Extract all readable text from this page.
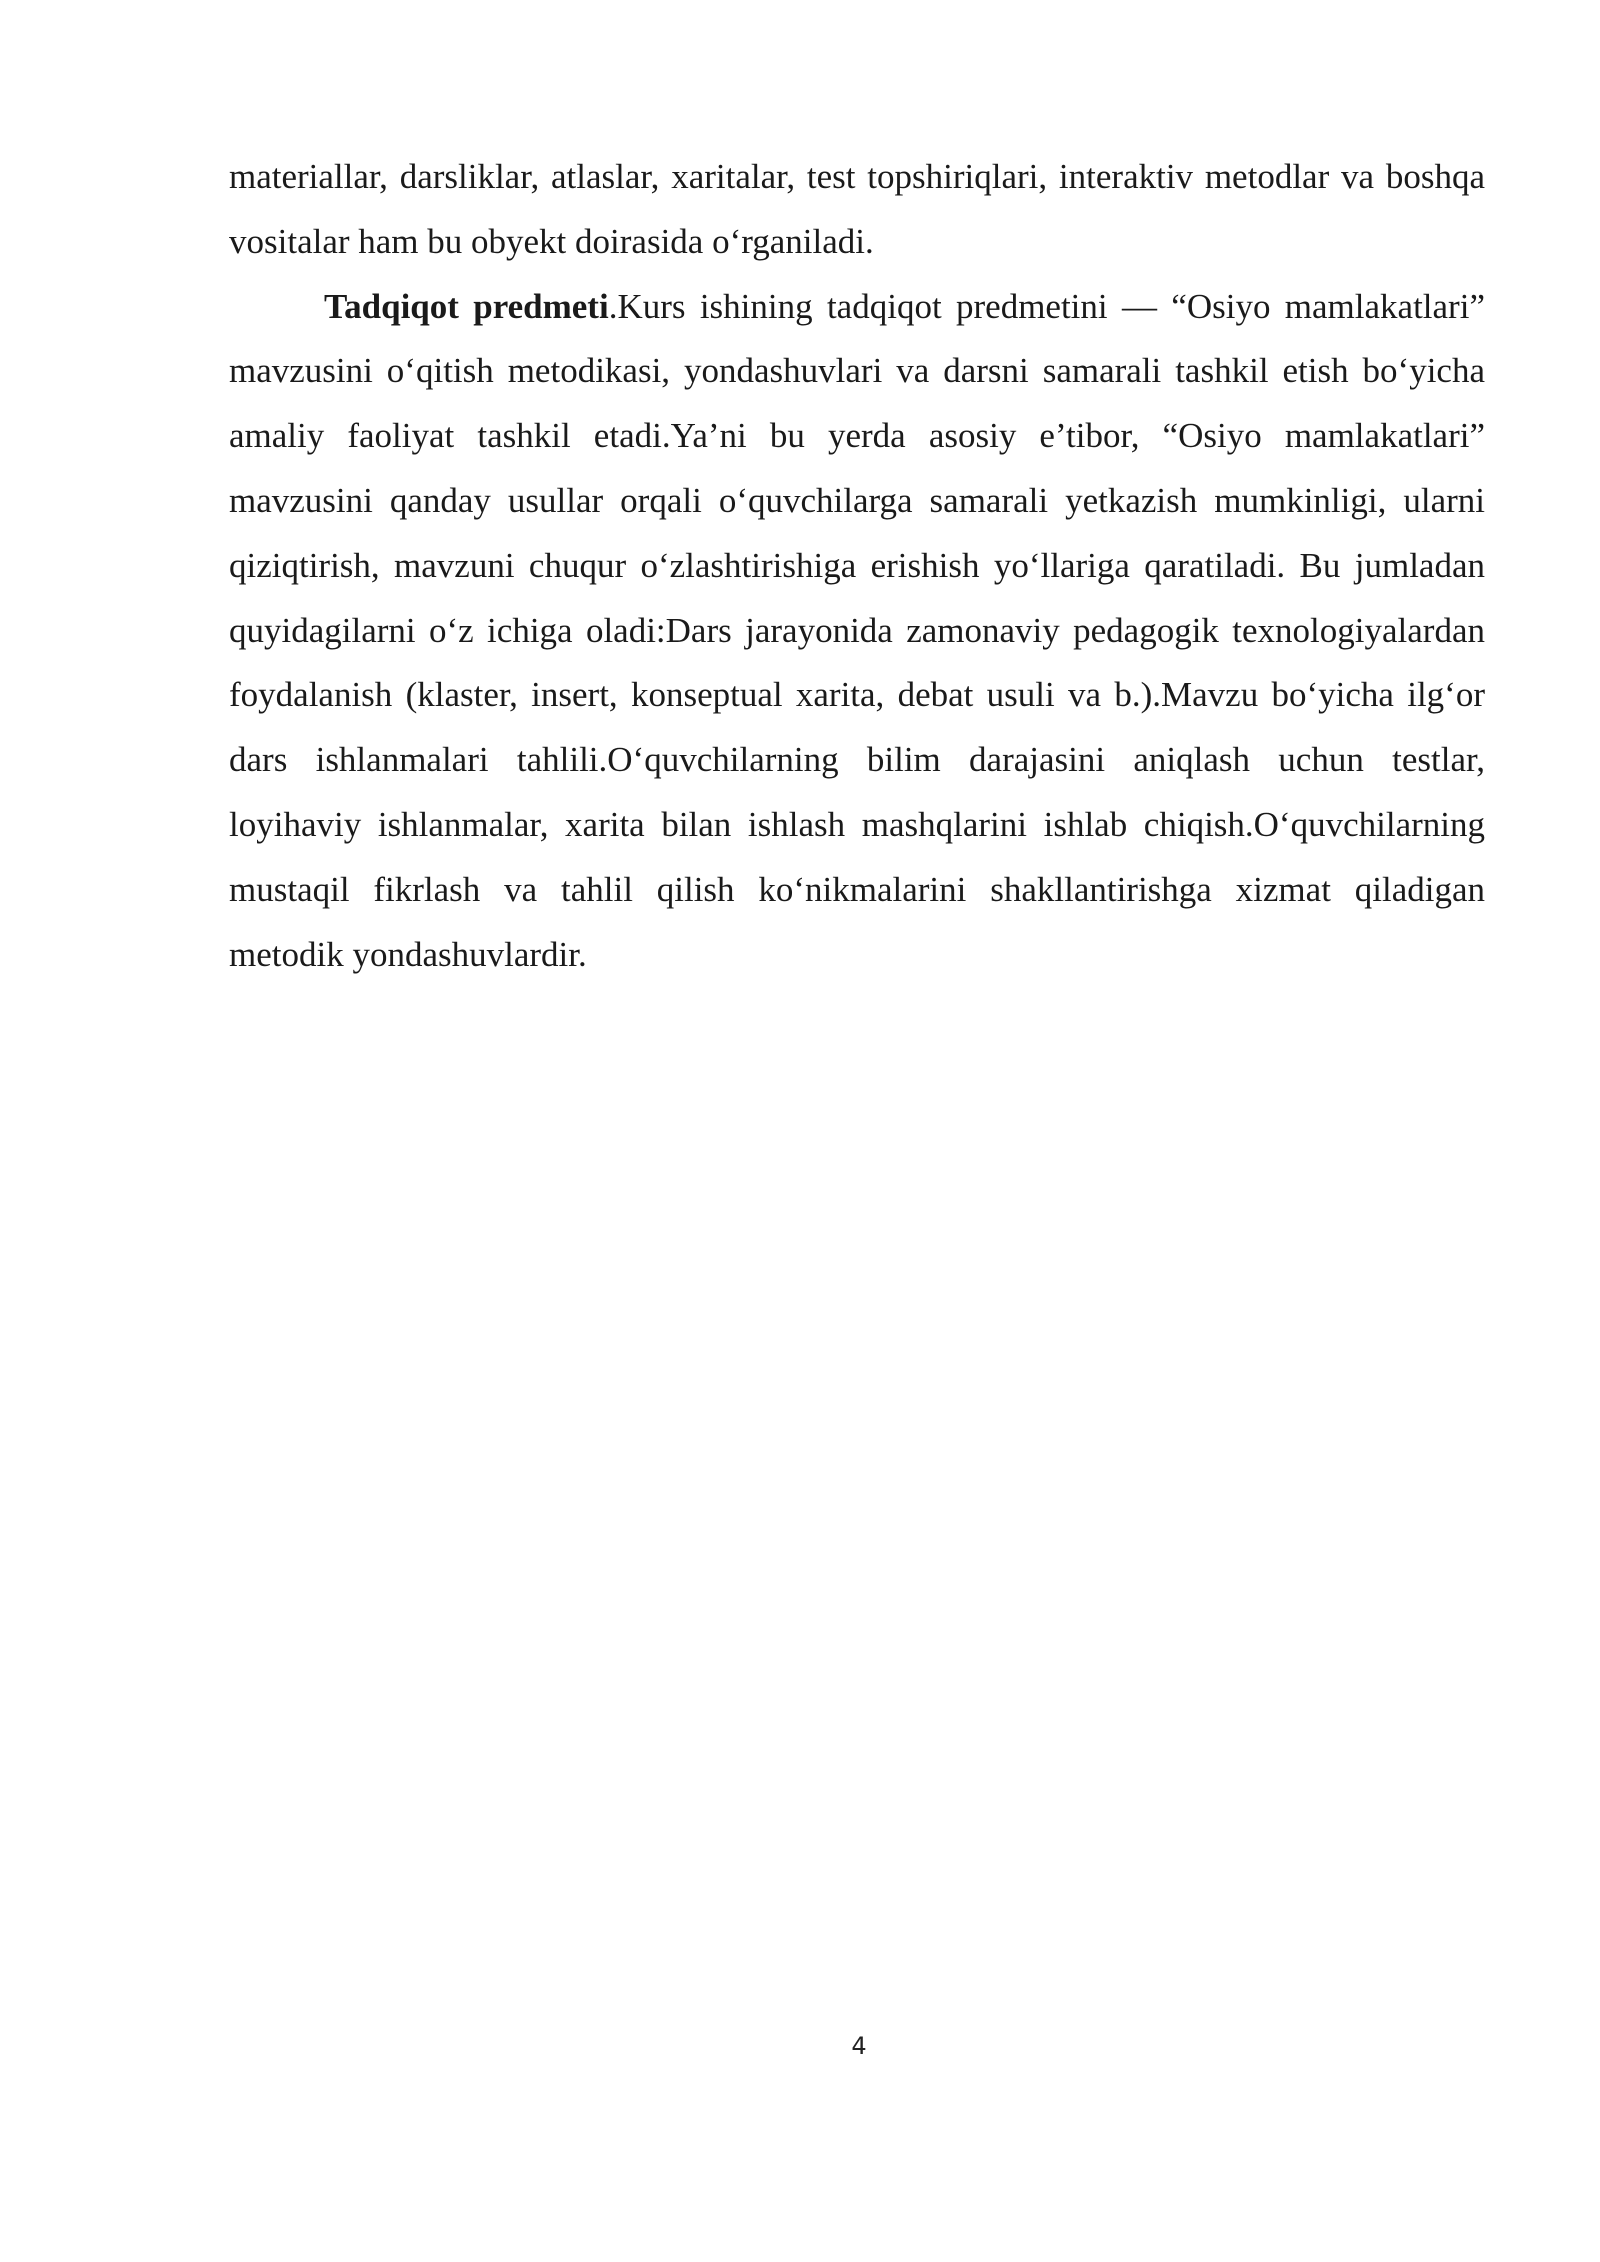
materiallar, darsliklar, atlaslar, xaritalar, test topshiriqlari, interaktiv metodlar va boshqa vositalar ham bu obyekt doirasida o‘rganiladi.

Tadqiqot predmeti.Kurs ishining tadqiqot predmetini — “Osiyo mamlakatlari” mavzusini o‘qitish metodikasi, yondashuvlari va darsni samarali tashkil etish bo‘yicha amaliy faoliyat tashkil etadi.Ya’ni bu yerda asosiy e’tibor, “Osiyo mamlakatlari” mavzusini qanday usullar orqali o‘quvchilarga samarali yetkazish mumkinligi, ularni qiziqtirish, mavzuni chuqur o‘zlashtirishiga erishish yo‘llariga qaratiladi. Bu jumladan quyidagilarni o‘z ichiga oladi:Dars jarayonida zamonaviy pedagogik texnologiyalardan foydalanish (klaster, insert, konseptual xarita, debat usuli va b.).Mavzu bo‘yicha ilg‘or dars ishlanmalari tahlili.O‘quvchilarning bilim darajasini aniqlash uchun testlar, loyihaviy ishlanmalar, xarita bilan ishlash mashqlarini ishlab chiqish.O‘quvchilarning mustaqil fikrlash va tahlil qilish ko‘nikmalarini shakllantirishga xizmat qiladigan metodik yondashuvlardir.

4
